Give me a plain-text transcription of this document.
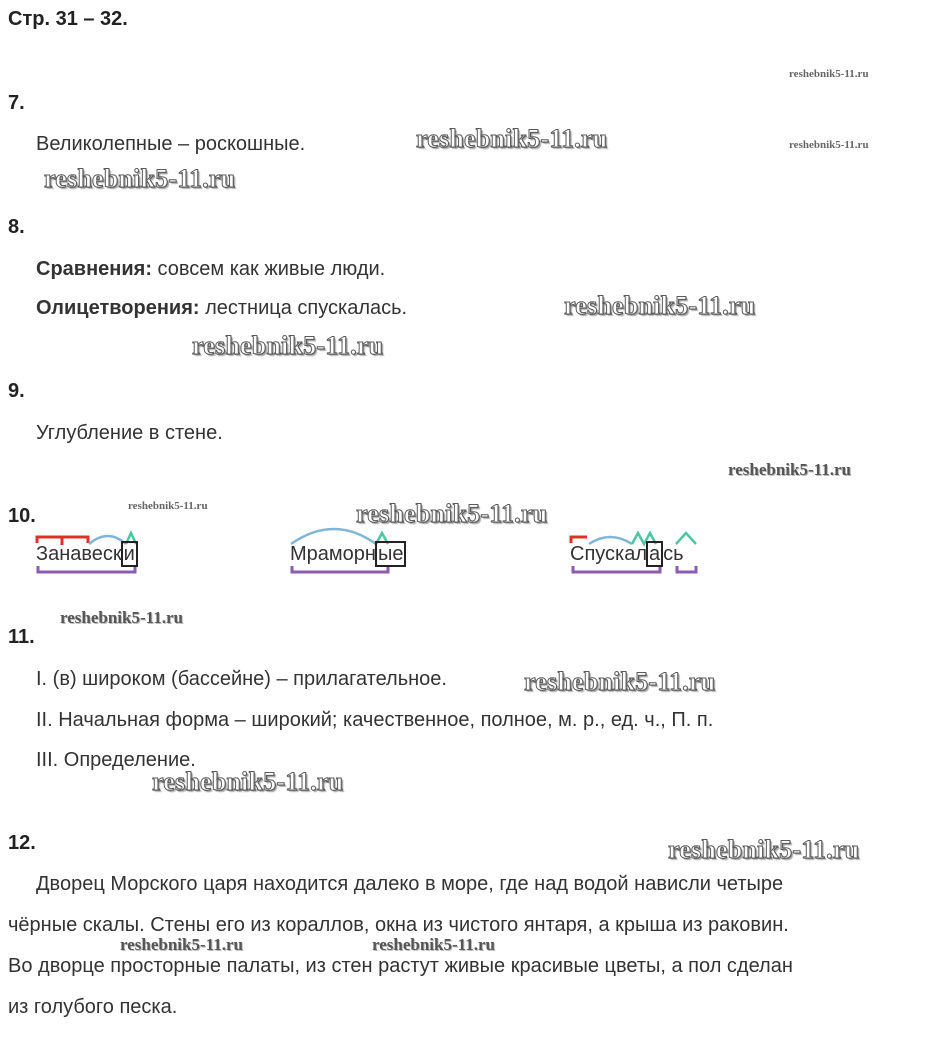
Стр. 31 – 32.
7.
Великолепные – роскошные.
8.
Сравнения: совсем как живые люди.
Олицетворения: лестница спускалась.
9.
Углубление в стене.
10.
Занавеск и	Мраморн ые	Спускал а сь
11.
I. (в) широком (бассейне) – прилагательное.
II. Начальная форма – широкий; качественное, полное, м. р., ед. ч., П. п.
III. Определение.
12.
Дворец Морского царя находится далеко в море, где над водой нависли четыре
чёрные скалы. Стены его из кораллов, окна из чистого янтаря, а крыша из раковин.
Во дворце просторные палаты, из стен растут живые красивые цветы, а пол сделан
из голубого песка.
reshebnik5-11.ru
reshebnik5-11.ru	reshebnik5-11.ru
reshebnik5-11.ru
reshebnik5-11.ru
reshebnik5-11.ru
reshebnik5-11.ru
reshebnik5-11.ru	reshebnik5-11.ru
reshebnik5-11.ru
reshebnik5-11.ru
reshebnik5-11.ru
reshebnik5-11.ru
reshebnik5-11.ru	reshebnik5-11.ru
